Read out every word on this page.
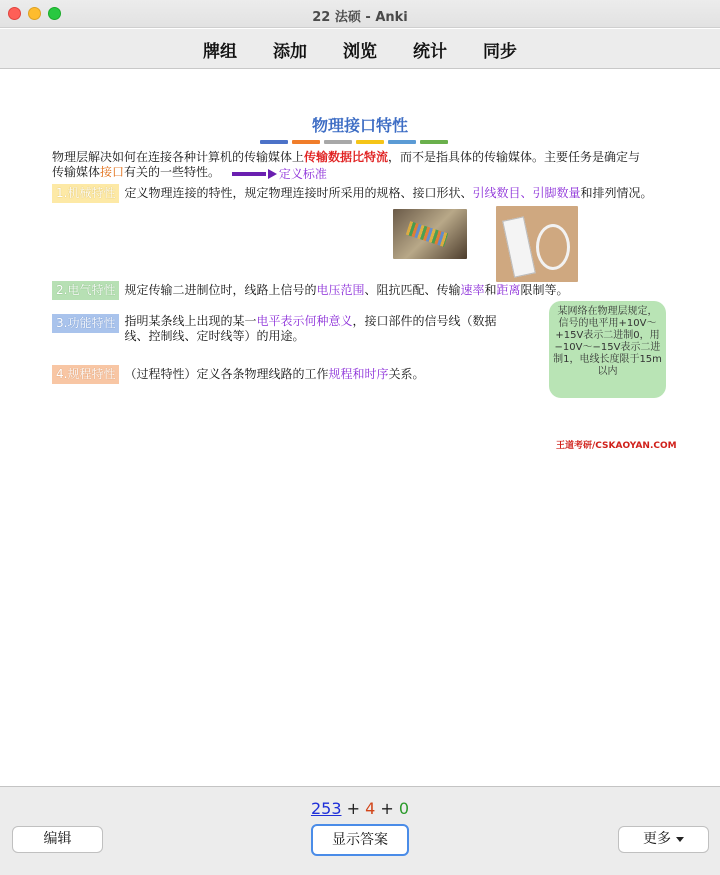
22 法硕 - Anki
牌组 添加 浏览 统计 同步
物理接口特性
物理层解决如何在连接各种计算机的传输媒体上传输数据比特流，而不是指具体的传输媒体。主要任务是确定与传输媒体接口有关的一些特性。	定义标准
1.机械特性 定义物理连接的特性，规定物理连接时所采用的规格、接口形状、引线数目、引脚数量和排列情况。
2.电气特性 规定传输二进制位时，线路上信号的电压范围、阻抗匹配、传输速率和距离限制等。
3.功能特性 指明某条线上出现的某一电平表示何种意义，接口部件的信号线（数据线、控制线、定时线等）的用途。
某网络在物理层规定，信号的电平用+10V～+15V表示二进制0，用−10V～−15V表示二进制1，电线长度限于15m以内
4.规程特性 （过程特性）定义各条物理线路的工作规程和时序关系。
王道考研/CSKAOYAN.COM
253 + 4 + 0
编辑	显示答案	更多
